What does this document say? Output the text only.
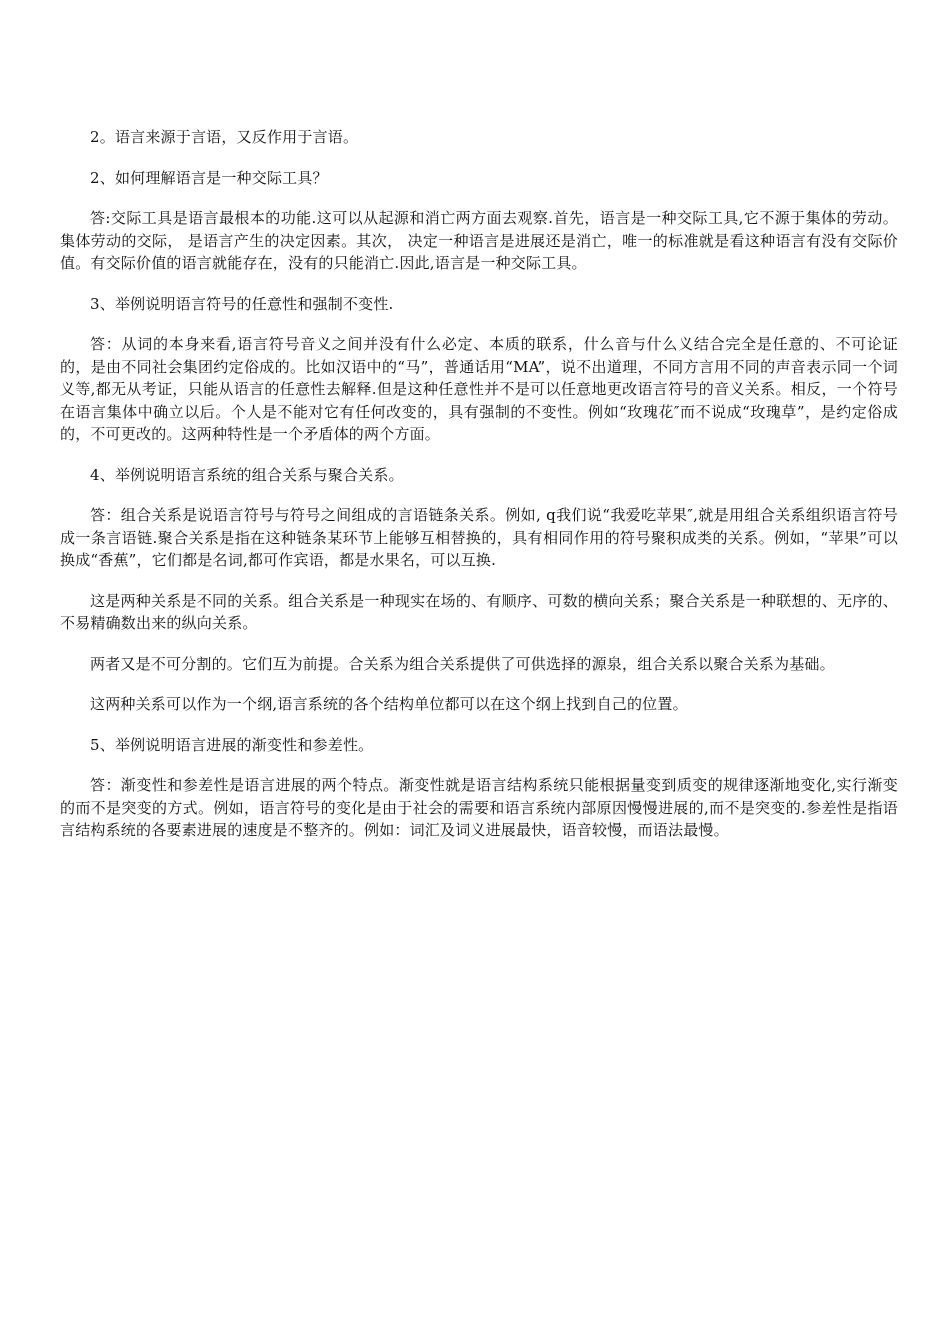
2。语言来源于言语，又反作用于言语。

2、如何理解语言是一种交际工具？

答:交际工具是语言最根本的功能.这可以从起源和消亡两方面去观察.首先，语言是一种交际工具,它不源于集体的劳动。集体劳动的交际， 是语言产生的决定因素。其次， 决定一种语言是进展还是消亡，唯一的标准就是看这种语言有没有交际价值。有交际价值的语言就能存在，没有的只能消亡.因此,语言是一种交际工具。

3、举例说明语言符号的任意性和强制不变性.

答：从词的本身来看,语言符号音义之间并没有什么必定、本质的联系，什么音与什么义结合完全是任意的、不可论证的，是由不同社会集团约定俗成的。比如汉语中的“马”，普通话用“MA”，说不出道理，不同方言用不同的声音表示同一个词义等,都无从考证，只能从语言的任意性去解释.但是这种任意性并不是可以任意地更改语言符号的音义关系。相反，一个符号在语言集体中确立以后。个人是不能对它有任何改变的，具有强制的不变性。例如“玫瑰花″而不说成“玫瑰草”，是约定俗成的，不可更改的。这两种特性是一个矛盾体的两个方面。

4、举例说明语言系统的组合关系与聚合关系。

答：组合关系是说语言符号与符号之间组成的言语链条关系。例如, q我们说“我爱吃苹果″,就是用组合关系组织语言符号成一条言语链.聚合关系是指在这种链条某环节上能够互相替换的，具有相同作用的符号聚积成类的关系。例如，“苹果”可以换成“香蕉”，它们都是名词,都可作宾语，都是水果名，可以互换.

这是两种关系是不同的关系。组合关系是一种现实在场的、有顺序、可数的横向关系；聚合关系是一种联想的、无序的、不易精确数出来的纵向关系。

两者又是不可分割的。它们互为前提。合关系为组合关系提供了可供选择的源泉，组合关系以聚合关系为基础。

这两种关系可以作为一个纲,语言系统的各个结构单位都可以在这个纲上找到自己的位置。

5、举例说明语言进展的渐变性和参差性。

答：渐变性和参差性是语言进展的两个特点。渐变性就是语言结构系统只能根据量变到质变的规律逐渐地变化,实行渐变的而不是突变的方式。例如，语言符号的变化是由于社会的需要和语言系统内部原因慢慢进展的,而不是突变的.参差性是指语言结构系统的各要素进展的速度是不整齐的。例如：词汇及词义进展最快，语音较慢，而语法最慢。
